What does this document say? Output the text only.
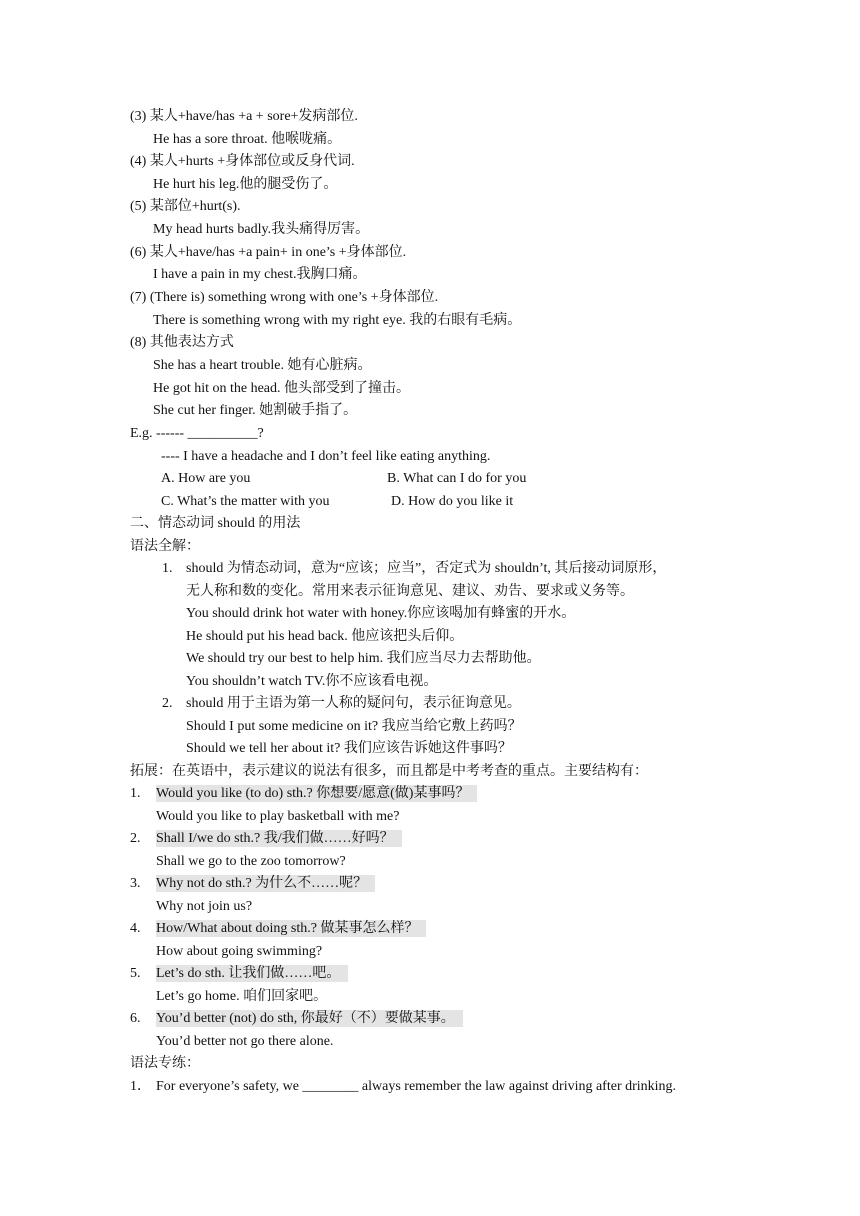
(3) 某人+have/has +a + sore+发病部位.
He has a sore throat. 他喉咙痛。
(4) 某人+hurts +身体部位或反身代词.
He hurt his leg.他的腿受伤了。
(5) 某部位+hurt(s).
My head hurts badly.我头痛得厉害。
(6) 某人+have/has +a pain+ in one’s +身体部位.
I have a pain in my chest.我胸口痛。
(7) (There is) something wrong with one’s +身体部位.
There is something wrong with my right eye. 我的右眼有毛病。
(8) 其他表达方式
She has a heart trouble. 她有心脏病。
He got hit on the head. 他头部受到了撞击。
She cut her finger. 她割破手指了。
E.g. ------ __________?
---- I have a headache and I don’t feel like eating anything.
A. How are you	B. What can I do for you
C. What’s the matter with you	D. How do you like it
二、情态动词 should 的用法
语法全解：
1. should 为情态动词，意为“应该；应当”，否定式为 shouldn’t, 其后接动词原形，
无人称和数的变化。常用来表示征询意见、建议、劝告、要求或义务等。
You should drink hot water with honey.你应该喝加有蜂蜜的开水。
He should put his head back. 他应该把头后仰。
We should try our best to help him. 我们应当尽力去帮助他。
You shouldn’t watch TV.你不应该看电视。
2. should 用于主语为第一人称的疑问句，表示征询意见。
Should I put some medicine on it? 我应当给它敷上药吗？
Should we tell her about it? 我们应该告诉她这件事吗？
拓展：在英语中，表示建议的说法有很多，而且都是中考考查的重点。主要结构有：
1. Would you like (to do) sth.? 你想要/愿意(做)某事吗？
Would you like to play basketball with me?
2. Shall I/we do sth.? 我/我们做……好吗？
Shall we go to the zoo tomorrow?
3. Why not do sth.? 为什么不……呢？
Why not join us?
4. How/What about doing sth.? 做某事怎么样？
How about going swimming?
5. Let’s do sth. 让我们做……吧。
Let’s go home. 咱们回家吧。
6. You’d better (not) do sth, 你最好（不）要做某事。
You’d better not go there alone.
语法专练：
1． For everyone’s safety, we ________ always remember the law against driving after drinking.
